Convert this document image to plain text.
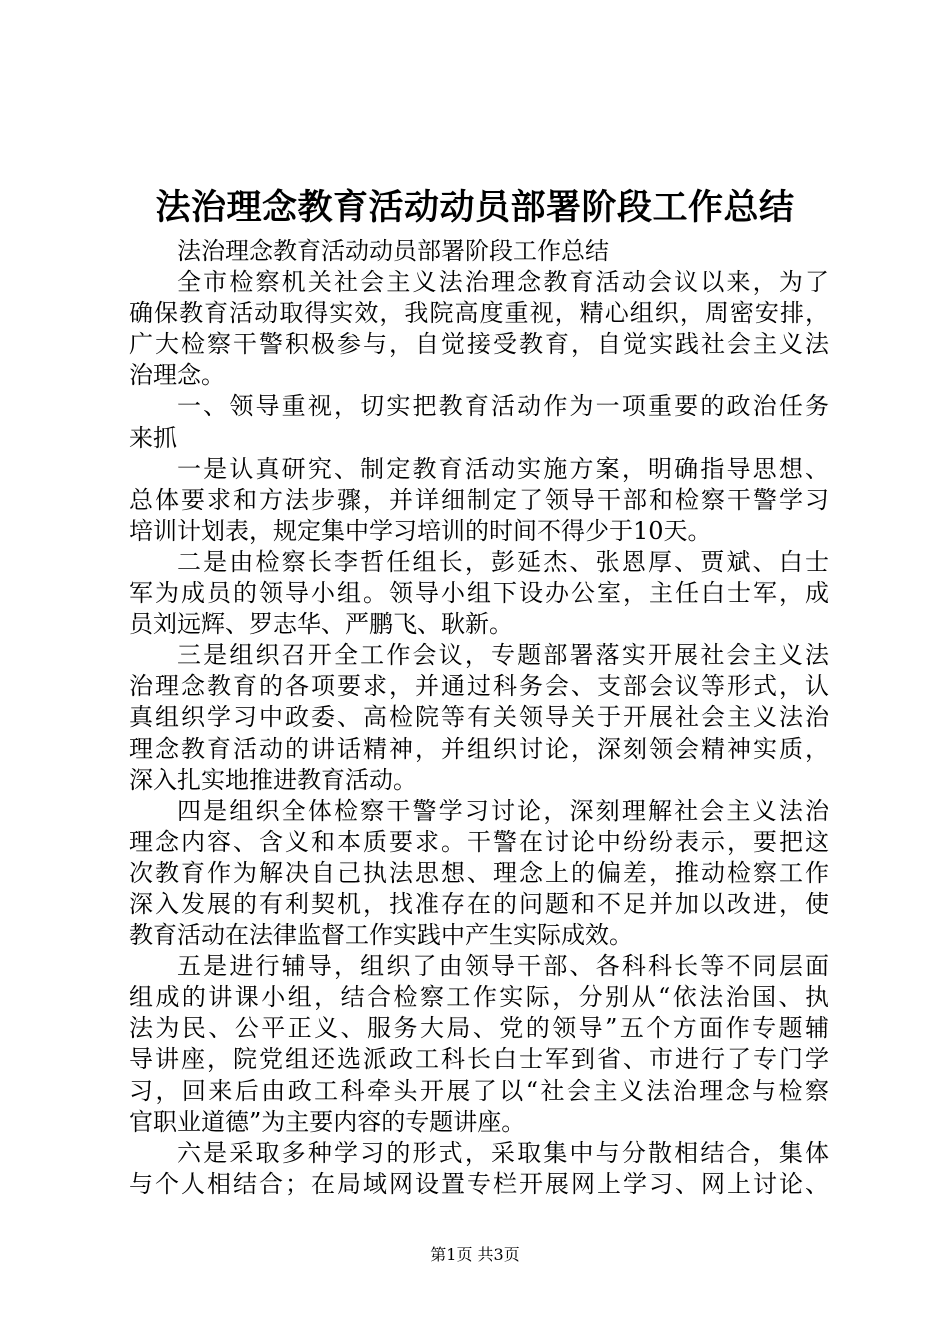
法治理念教育活动动员部署阶段工作总结
法治理念教育活动动员部署阶段工作总结
全市检察机关社会主义法治理念教育活动会议以来，为了
确保教育活动取得实效，我院高度重视，精心组织，周密安排，
广大检察干警积极参与，自觉接受教育，自觉实践社会主义法
治理念。
一、领导重视，切实把教育活动作为一项重要的政治任务
来抓
一是认真研究、制定教育活动实施方案，明确指导思想、
总体要求和方法步骤，并详细制定了领导干部和检察干警学习
培训计划表，规定集中学习培训的时间不得少于10天。
二是由检察长李哲任组长，彭延杰、张恩厚、贾斌、白士
军为成员的领导小组。领导小组下设办公室，主任白士军，成
员刘远辉、罗志华、严鹏飞、耿新。
三是组织召开全工作会议，专题部署落实开展社会主义法
治理念教育的各项要求，并通过科务会、支部会议等形式，认
真组织学习中政委、高检院等有关领导关于开展社会主义法治
理念教育活动的讲话精神，并组织讨论，深刻领会精神实质，
深入扎实地推进教育活动。
四是组织全体检察干警学习讨论，深刻理解社会主义法治
理念内容、含义和本质要求。干警在讨论中纷纷表示，要把这
次教育作为解决自己执法思想、理念上的偏差，推动检察工作
深入发展的有利契机，找准存在的问题和不足并加以改进，使
教育活动在法律监督工作实践中产生实际成效。
五是进行辅导，组织了由领导干部、各科科长等不同层面
组成的讲课小组，结合检察工作实际，分别从“依法治国、执
法为民、公平正义、服务大局、党的领导”五个方面作专题辅
导讲座，院党组还选派政工科长白士军到省、市进行了专门学
习，回来后由政工科牵头开展了以“社会主义法治理念与检察
官职业道德”为主要内容的专题讲座。
六是采取多种学习的形式，采取集中与分散相结合，集体
与个人相结合；在局域网设置专栏开展网上学习、网上讨论、
第1页 共3页
